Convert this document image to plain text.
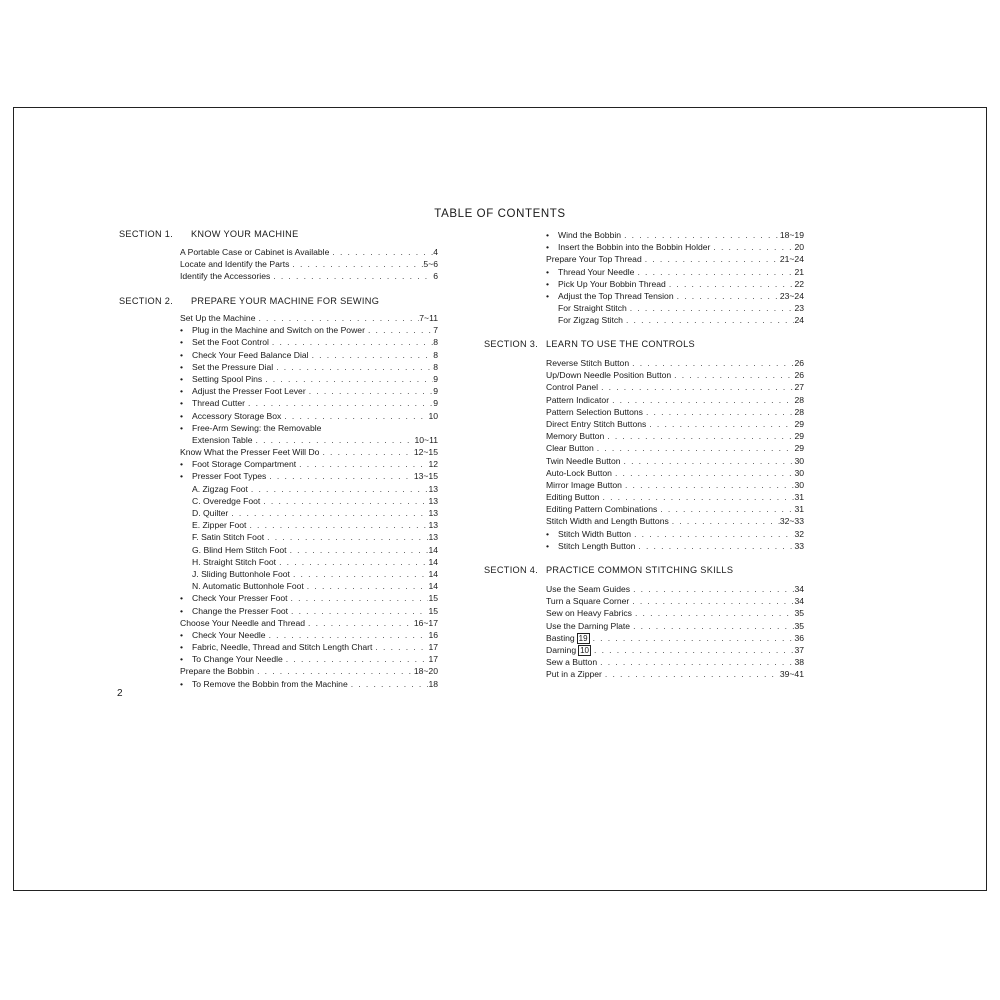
TABLE OF CONTENTS
2
SECTION 1.	KNOW YOUR MACHINE
A Portable Case or Cabinet is Available . . .	4
Locate and Identify the Parts . . .	5~6
Identify the Accessories . . .	6
SECTION 2.	PREPARE YOUR MACHINE FOR SEWING
Set Up the Machine . . .	7~11
• Plug in the Machine and Switch on the Power . . .	7
• Set the Foot Control . . .	8
• Check Your Feed Balance Dial . . .	8
• Set the Pressure Dial . . .	8
• Setting Spool Pins . . .	9
• Adjust the Presser Foot Lever . . .	9
• Thread Cutter . . .	9
• Accessory Storage Box . . .	10
• Free-Arm Sewing: the Removable
Extension Table . . .	10~11
Know What the Presser Feet Will Do . . .	12~15
• Foot Storage Compartment . . .	12
• Presser Foot Types . . .	13~15
A. Zigzag Foot . . .	13
C. Overedge Foot . . .	13
D. Quilter . . .	13
E. Zipper Foot . . .	13
F. Satin Stitch Foot . . .	13
G. Blind Hem Stitch Foot . . .	14
H. Straight Stitch Foot . . .	14
J. Sliding Buttonhole Foot . . .	14
N. Automatic Buttonhole Foot . . .	14
• Check Your Presser Foot . . .	15
• Change the Presser Foot . . .	15
Choose Your Needle and Thread . . .	16~17
• Check Your Needle . . .	16
• Fabric, Needle, Thread and Stitch Length Chart . . .	17
• To Change Your Needle . . .	17
Prepare the Bobbin . . .	18~20
• To Remove the Bobbin from the Machine . . .	18
• Wind the Bobbin . . .	18~19
• Insert the Bobbin into the Bobbin Holder . . .	20
Prepare Your Top Thread . . .	21~24
• Thread Your Needle . . .	21
• Pick Up Your Bobbin Thread . . .	22
• Adjust the Top Thread Tension . . .	23~24
For Straight Stitch . . .	23
For Zigzag Stitch . . .	24
SECTION 3. LEARN TO USE THE CONTROLS
Reverse Stitch Button . . .	26
Up/Down Needle Position Button . . .	26
Control Panel . . .	27
Pattern Indicator . . .	28
Pattern Selection Buttons . . .	28
Direct Entry Stitch Buttons . . .	29
Memory Button . . .	29
Clear Button . . .	29
Twin Needle Button . . .	30
Auto-Lock Button . . .	30
Mirror Image Button . . .	30
Editing Button . . .	31
Editing Pattern Combinations . . .	31
Stitch Width and Length Buttons . . .	32~33
• Stitch Width Button . . .	32
• Stitch Length Button . . .	33
SECTION 4. PRACTICE COMMON STITCHING SKILLS
Use the Seam Guides . . .	34
Turn a Square Corner . . .	34
Sew on Heavy Fabrics . . .	35
Use the Darning Plate . . .	35
Basting 19 . . .	36
Darning 10 . . .	37
Sew a Button . . .	38
Put in a Zipper . . .	39~41
